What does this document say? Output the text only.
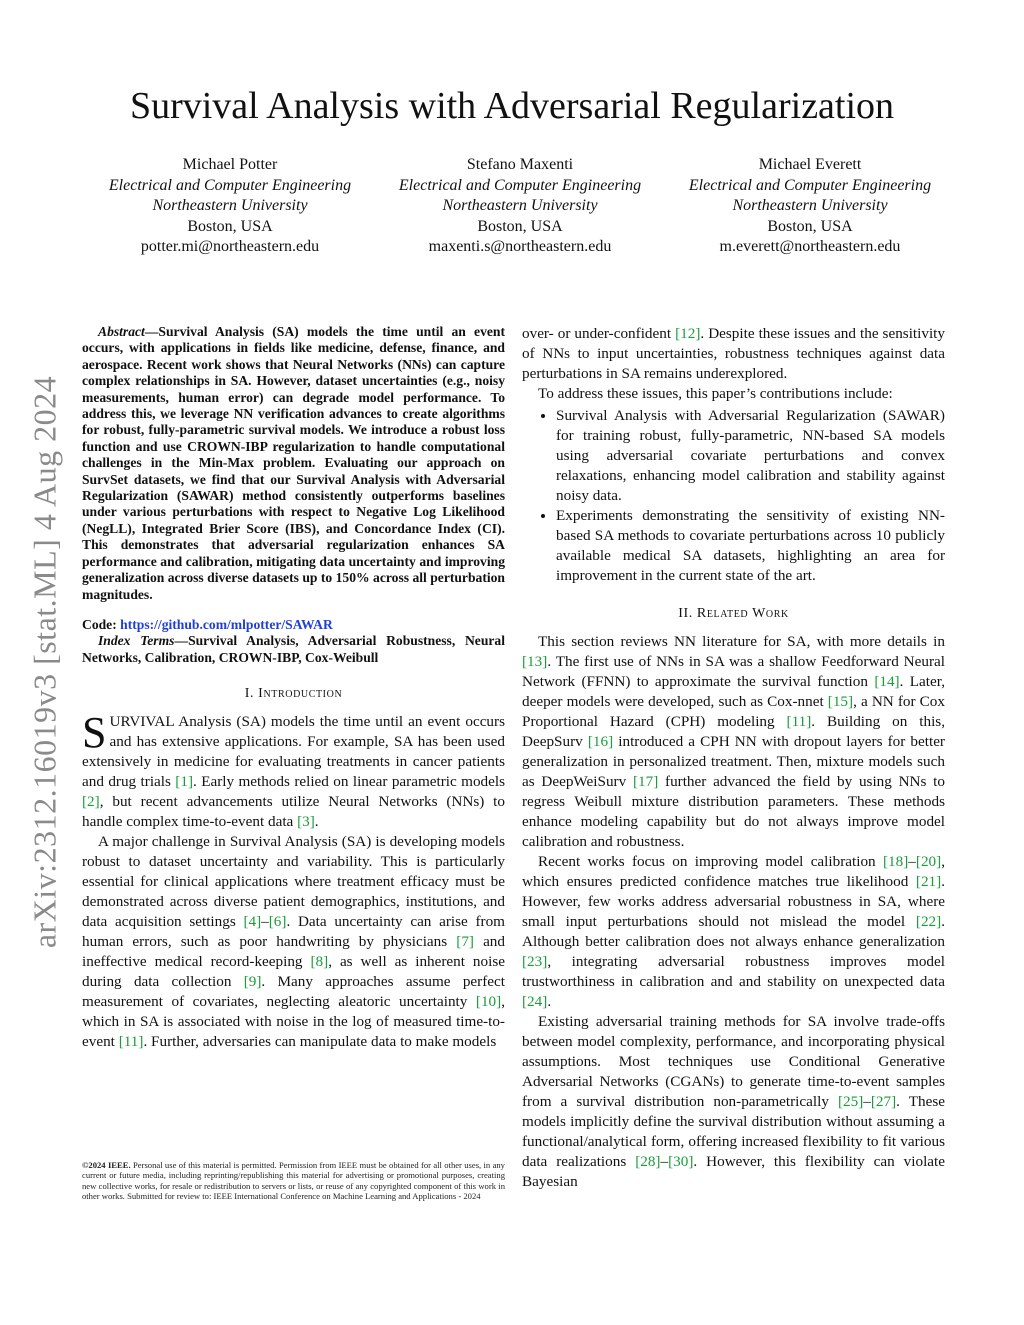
arXiv:2312.16019v3 [stat.ML] 4 Aug 2024
Survival Analysis with Adversarial Regularization
Michael Potter
Electrical and Computer Engineering
Northeastern University
Boston, USA
potter.mi@northeastern.edu
Stefano Maxenti
Electrical and Computer Engineering
Northeastern University
Boston, USA
maxenti.s@northeastern.edu
Michael Everett
Electrical and Computer Engineering
Northeastern University
Boston, USA
m.everett@northeastern.edu

Abstract—Survival Analysis (SA) models the time until an event occurs, with applications in fields like medicine, defense, finance, and aerospace. Recent work shows that Neural Networks (NNs) can capture complex relationships in SA. However, dataset uncertainties (e.g., noisy measurements, human error) can degrade model performance. To address this, we leverage NN verification advances to create algorithms for robust, fully-parametric survival models. We introduce a robust loss function and use CROWN-IBP regularization to handle computational challenges in the Min-Max problem. Evaluating our approach on SurvSet datasets, we find that our Survival Analysis with Adversarial Regularization (SAWAR) method consistently outperforms baselines under various perturbations with respect to Negative Log Likelihood (NegLL), Integrated Brier Score (IBS), and Concordance Index (CI). This demonstrates that adversarial regularization enhances SA performance and calibration, mitigating data uncertainty and improving generalization across diverse datasets up to 150% across all perturbation magnitudes.

Code: https://github.com/mlpotter/SAWAR

Index Terms—Survival Analysis, Adversarial Robustness, Neural Networks, Calibration, CROWN-IBP, Cox-Weibull

I. Introduction

SURVIVAL Analysis (SA) models the time until an event occurs and has extensive applications. For example, SA has been used extensively in medicine for evaluating treatments in cancer patients and drug trials [1]. Early methods relied on linear parametric models [2], but recent advancements utilize Neural Networks (NNs) to handle complex time-to-event data [3].

A major challenge in Survival Analysis (SA) is developing models robust to dataset uncertainty and variability. This is particularly essential for clinical applications where treatment efficacy must be demonstrated across diverse patient demographics, institutions, and data acquisition settings [4]–[6]. Data uncertainty can arise from human errors, such as poor handwriting by physicians [7] and ineffective medical record-keeping [8], as well as inherent noise during data collection [9]. Many approaches assume perfect measurement of covariates, neglecting aleatoric uncertainty [10], which in SA is associated with noise in the log of measured time-to-event [11]. Further, adversaries can manipulate data to make models

over- or under-confident [12]. Despite these issues and the sensitivity of NNs to input uncertainties, robustness techniques against data perturbations in SA remains underexplored.

To address these issues, this paper’s contributions include:

• Survival Analysis with Adversarial Regularization (SAWAR) for training robust, fully-parametric, NN-based SA models using adversarial covariate perturbations and convex relaxations, enhancing model calibration and stability against noisy data.
• Experiments demonstrating the sensitivity of existing NN-based SA methods to covariate perturbations across 10 publicly available medical SA datasets, highlighting an area for improvement in the current state of the art.
II. Related Work

This section reviews NN literature for SA, with more details in [13]. The first use of NNs in SA was a shallow Feedforward Neural Network (FFNN) to approximate the survival function [14]. Later, deeper models were developed, such as Cox-nnet [15], a NN for Cox Proportional Hazard (CPH) modeling [11]. Building on this, DeepSurv [16] introduced a CPH NN with dropout layers for better generalization in personalized treatment. Then, mixture models such as DeepWeiSurv [17] further advanced the field by using NNs to regress Weibull mixture distribution parameters. These methods enhance modeling capability but do not always improve model calibration and robustness.

Recent works focus on improving model calibration [18]–[20], which ensures predicted confidence matches true likelihood [21]. However, few works address adversarial robustness in SA, where small input perturbations should not mislead the model [22]. Although better calibration does not always enhance generalization [23], integrating adversarial robustness improves model trustworthiness in calibration and and stability on unexpected data [24].

Existing adversarial training methods for SA involve trade-offs between model complexity, performance, and incorporating physical assumptions. Most techniques use Conditional Generative Adversarial Networks (CGANs) to generate time-to-event samples from a survival distribution non-parametrically [25]–[27]. These models implicitly define the survival distribution without assuming a functional/analytical form, offering increased flexibility to fit various data realizations [28]–[30]. However, this flexibility can violate Bayesian

©2024 IEEE. Personal use of this material is permitted. Permission from IEEE must be obtained for all other uses, in any current or future media, including reprinting/republishing this material for advertising or promotional purposes, creating new collective works, for resale or redistribution to servers or lists, or reuse of any copyrighted component of this work in other works. Submitted for review to: IEEE International Conference on Machine Learning and Applications - 2024
